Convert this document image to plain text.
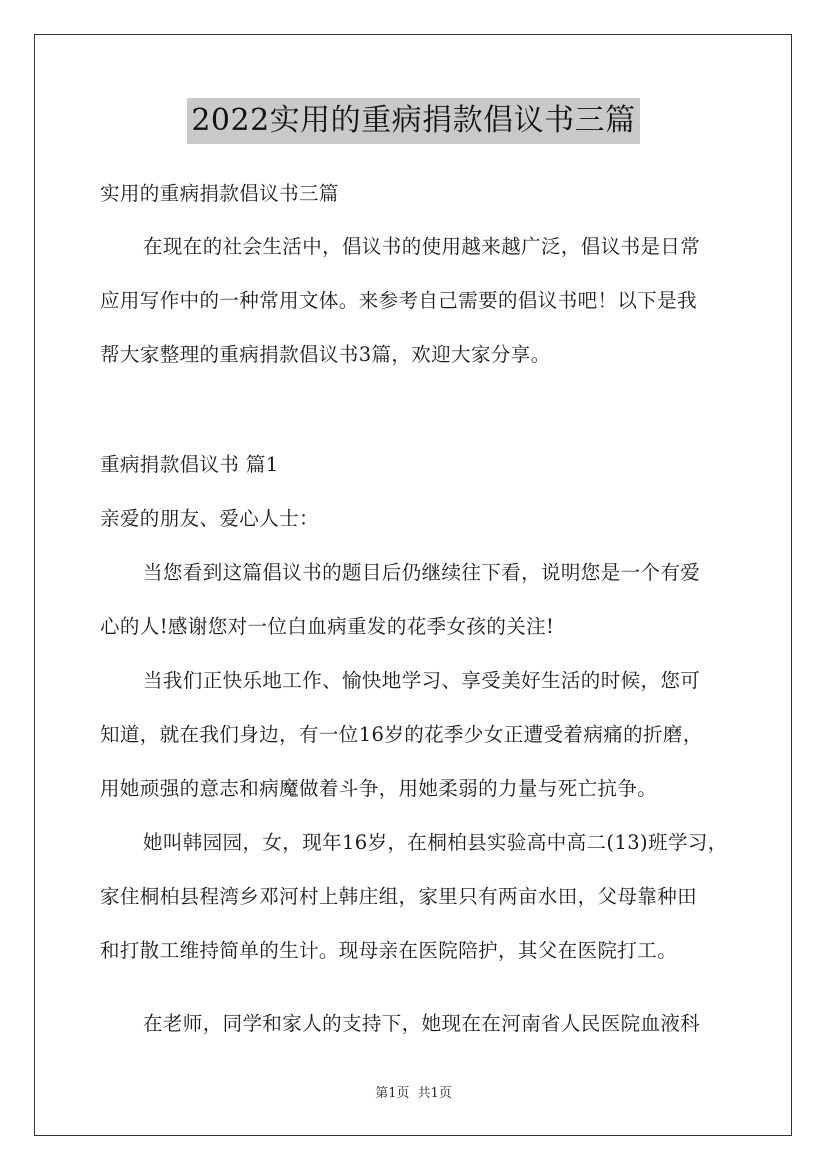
2022实用的重病捐款倡议书三篇
实用的重病捐款倡议书三篇
在现在的社会生活中，倡议书的使用越来越广泛，倡议书是日常
应用写作中的一种常用文体。来参考自己需要的倡议书吧！以下是我
帮大家整理的重病捐款倡议书3篇，欢迎大家分享。
重病捐款倡议书 篇1
亲爱的朋友、爱心人士：
当您看到这篇倡议书的题目后仍继续往下看，说明您是一个有爱
心的人!感谢您对一位白血病重发的花季女孩的关注!
当我们正快乐地工作、愉快地学习、享受美好生活的时候，您可
知道，就在我们身边，有一位16岁的花季少女正遭受着病痛的折磨，
用她顽强的意志和病魔做着斗争，用她柔弱的力量与死亡抗争。
她叫韩园园，女，现年16岁，在桐柏县实验高中高二(13)班学习，
家住桐柏县程湾乡邓河村上韩庄组，家里只有两亩水田，父母靠种田
和打散工维持简单的生计。现母亲在医院陪护，其父在医院打工。
在老师，同学和家人的支持下，她现在在河南省人民医院血液科
第1页 共1页
